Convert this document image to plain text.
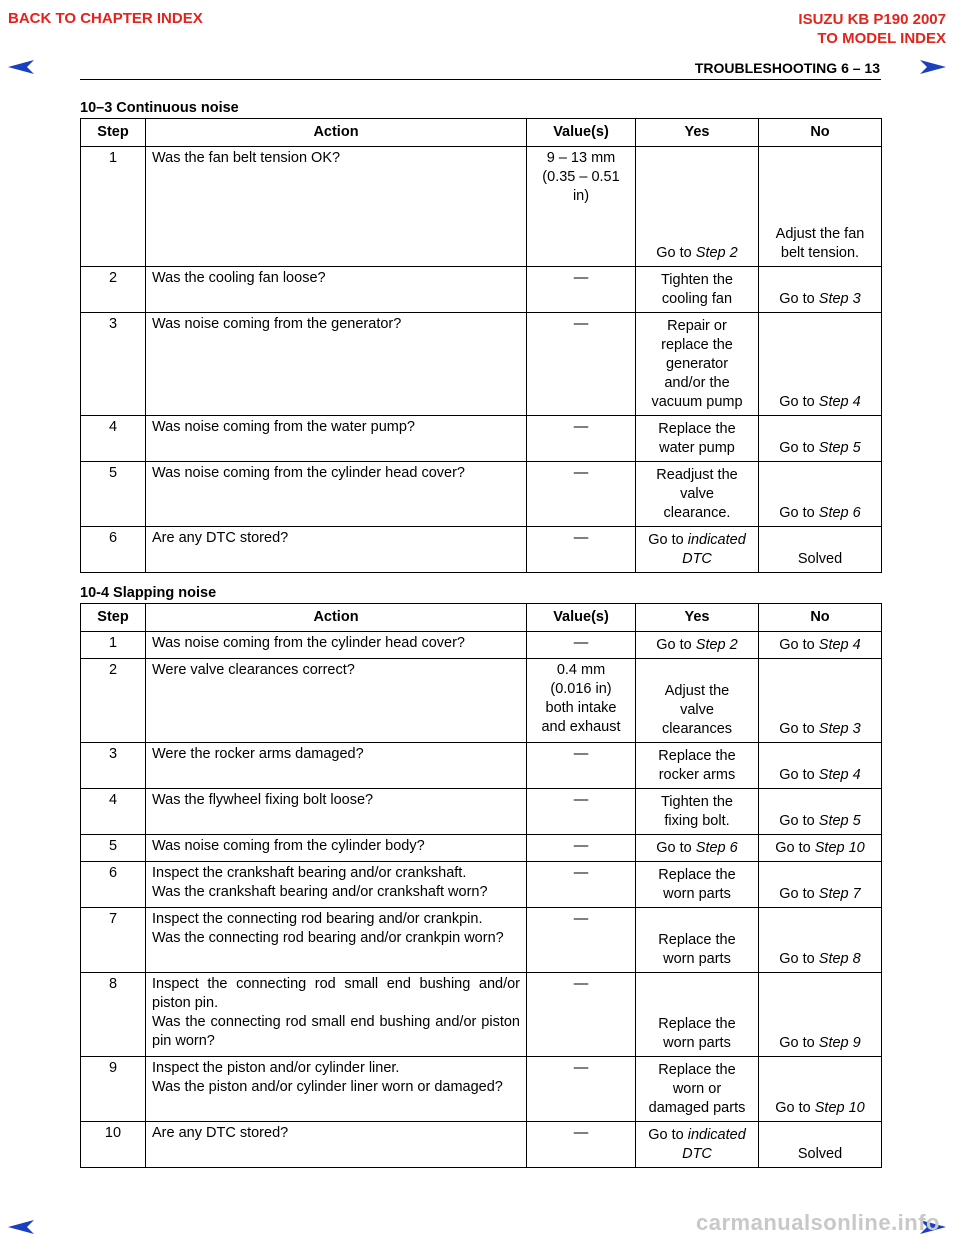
BACK TO CHAPTER INDEX	ISUZU KB P190 2007
TO MODEL INDEX
TROUBLESHOOTING 6 – 13
10–3 Continuous noise
Step	Action	Value(s)	Yes	No
1	Was the fan belt tension OK?	9 – 13 mm
(0.35 – 0.51
in)	Go to Step 2	Adjust the fan
belt tension.

2	Was the cooling fan loose?	—	Tighten the
cooling fan	Go to Step 3

3	Was noise coming from the generator?	—	Repair or
replace the
generator
and/or the
vacuum pump	Go to Step 4

4	Was noise coming from the water pump?	—	Replace the
water pump	Go to Step 5

5	Was noise coming from the cylinder head cover?	—	Readjust the
valve
clearance.	Go to Step 6

6	Are any DTC stored?	—	Go to indicated
DTC	Solved
10-4 Slapping noise
Step	Action	Value(s)	Yes	No
1	Was noise coming from the cylinder head cover?	—	Go to Step 2	Go to Step 4

2	Were valve clearances correct?	0.4 mm
(0.016 in)
both intake
and exhaust	Adjust the
valve
clearances	Go to Step 3

3	Were the rocker arms damaged?	—	Replace the
rocker arms	Go to Step 4

4	Was the flywheel fixing bolt loose?	—	Tighten the
fixing bolt.	Go to Step 5

5	Was noise coming from the cylinder body?	—	Go to Step 6	Go to Step 10

6	Inspect the crankshaft bearing and/or crankshaft.
Was the crankshaft bearing and/or crankshaft worn?	—	Replace the
worn parts	Go to Step 7

7	Inspect the connecting rod bearing and/or crankpin.
Was the connecting rod bearing and/or crankpin worn?	—	Replace the
worn parts	Go to Step 8

8	Inspect the connecting rod small end bushing and/or piston pin.
Was the connecting rod small end bushing and/or piston pin worn?	—	Replace the
worn parts	Go to Step 9

9	Inspect the piston and/or cylinder liner.
Was the piston and/or cylinder liner worn or damaged?	—	Replace the
worn or
damaged parts	Go to Step 10

10	Are any DTC stored?	—	Go to indicated
DTC	Solved
carmanualsonline.info
